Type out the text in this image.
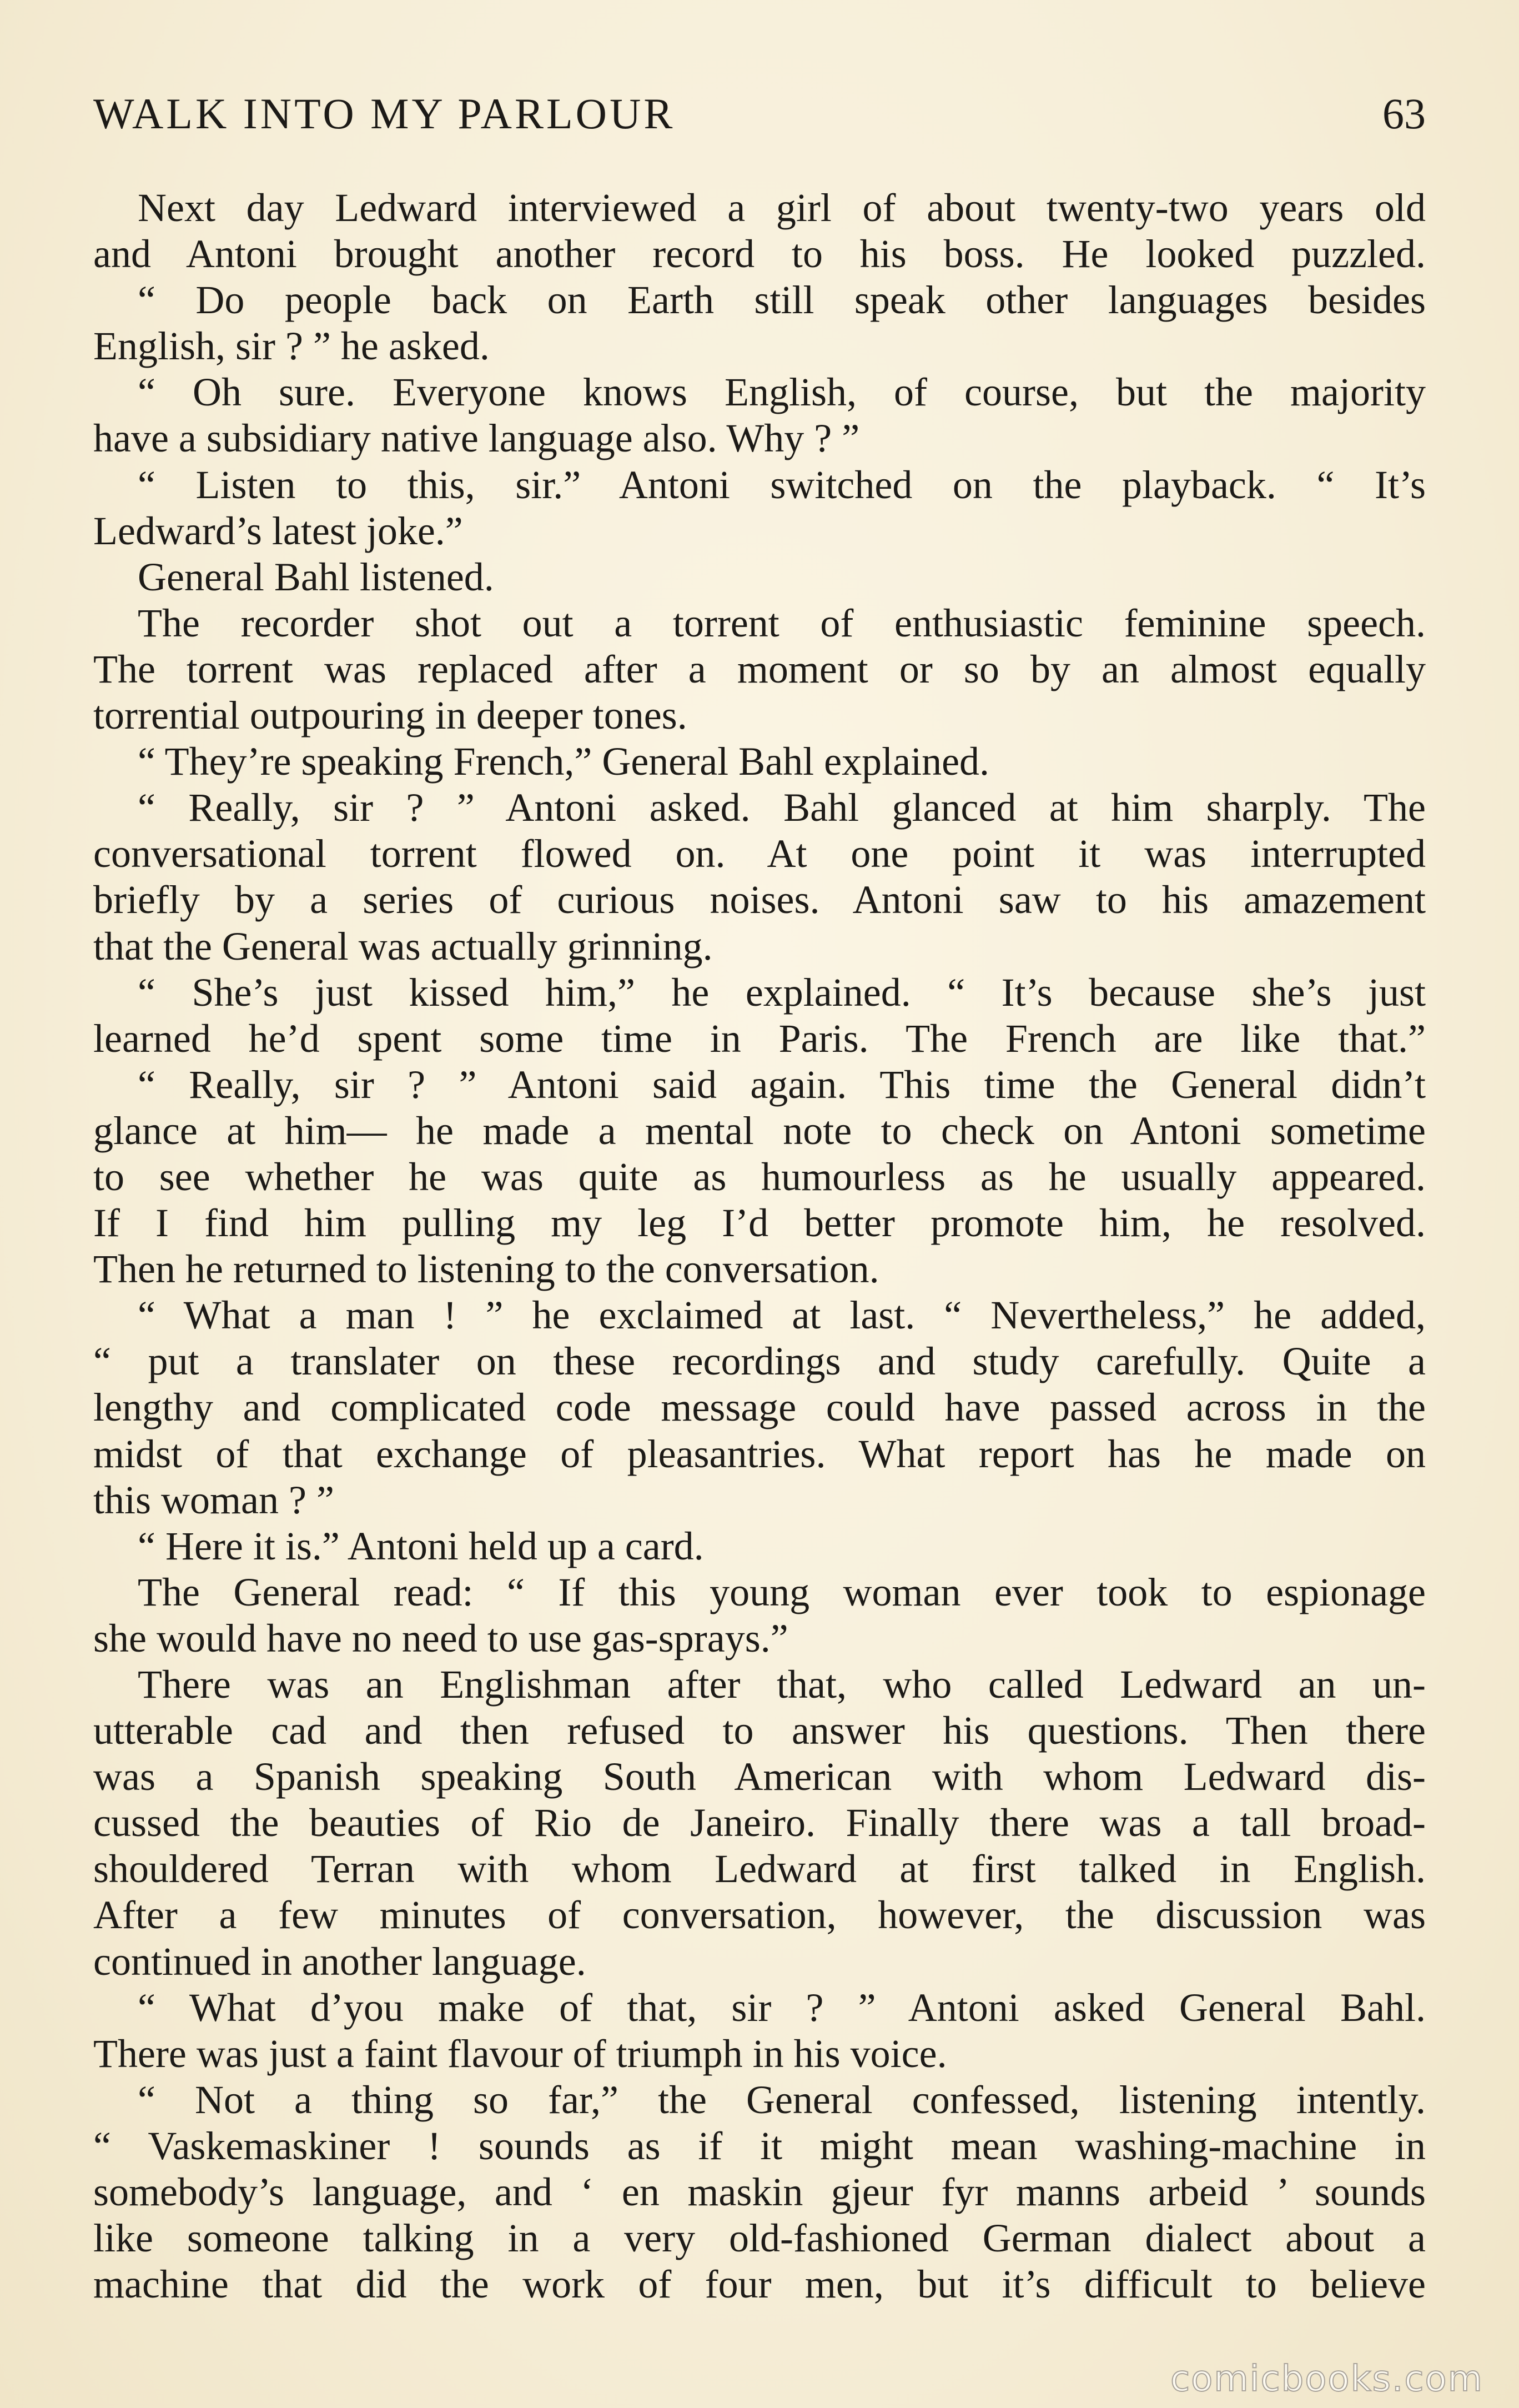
WALK INTO MY PARLOUR	63
Next day Ledward interviewed a girl of about twenty-two years old
and Antoni brought another record to his boss. He looked puzzled.
“ Do people back on Earth still speak other languages besides
English, sir ? ” he asked.
“ Oh sure. Everyone knows English, of course, but the majority
have a subsidiary native language also. Why ? ”
“ Listen to this, sir.” Antoni switched on the playback. “ It’s
Ledward’s latest joke.”
General Bahl listened.
The recorder shot out a torrent of enthusiastic feminine speech.
The torrent was replaced after a moment or so by an almost equally
torrential outpouring in deeper tones.
“ They’re speaking French,” General Bahl explained.
“ Really, sir ? ” Antoni asked. Bahl glanced at him sharply. The
conversational torrent flowed on. At one point it was interrupted
briefly by a series of curious noises. Antoni saw to his amazement
that the General was actually grinning.
“ She’s just kissed him,” he explained. “ It’s because she’s just
learned he’d spent some time in Paris. The French are like that.”
“ Really, sir ? ” Antoni said again. This time the General didn’t
glance at him— he made a mental note to check on Antoni sometime
to see whether he was quite as humourless as he usually appeared.
If I find him pulling my leg I’d better promote him, he resolved.
Then he returned to listening to the conversation.
“ What a man ! ” he exclaimed at last. “ Nevertheless,” he added,
“ put a translater on these recordings and study carefully. Quite a
lengthy and complicated code message could have passed across in the
midst of that exchange of pleasantries. What report has he made on
this woman ? ”
“ Here it is.” Antoni held up a card.
The General read: “ If this young woman ever took to espionage
she would have no need to use gas-sprays.”
There was an Englishman after that, who called Ledward an un-
utterable cad and then refused to answer his questions. Then there
was a Spanish speaking South American with whom Ledward dis-
cussed the beauties of Rio de Janeiro. Finally there was a tall broad-
shouldered Terran with whom Ledward at first talked in English.
After a few minutes of conversation, however, the discussion was
continued in another language.
“ What d’you make of that, sir ? ” Antoni asked General Bahl.
There was just a faint flavour of triumph in his voice.
“ Not a thing so far,” the General confessed, listening intently.
“ Vaskemaskiner ! sounds as if it might mean washing-machine in
somebody’s language, and ‘ en maskin gjeur fyr manns arbeid ’ sounds
like someone talking in a very old-fashioned German dialect about a
machine that did the work of four men, but it’s difficult to believe
comicbooks.com
